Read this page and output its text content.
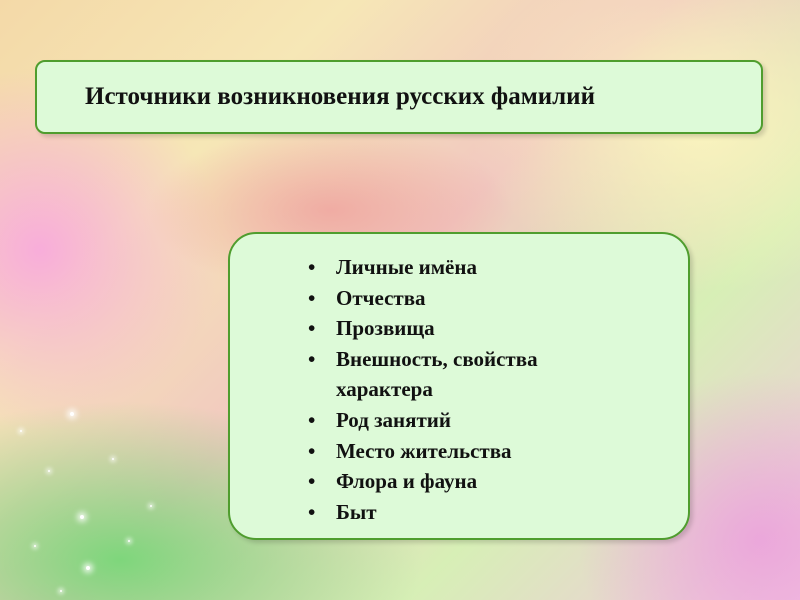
Источники возникновения русских фамилий
• Личные имёна
• Отчества
• Прозвища
• Внешность, свойства характера
• Род занятий
• Место жительства
• Флора и фауна
• Быт
